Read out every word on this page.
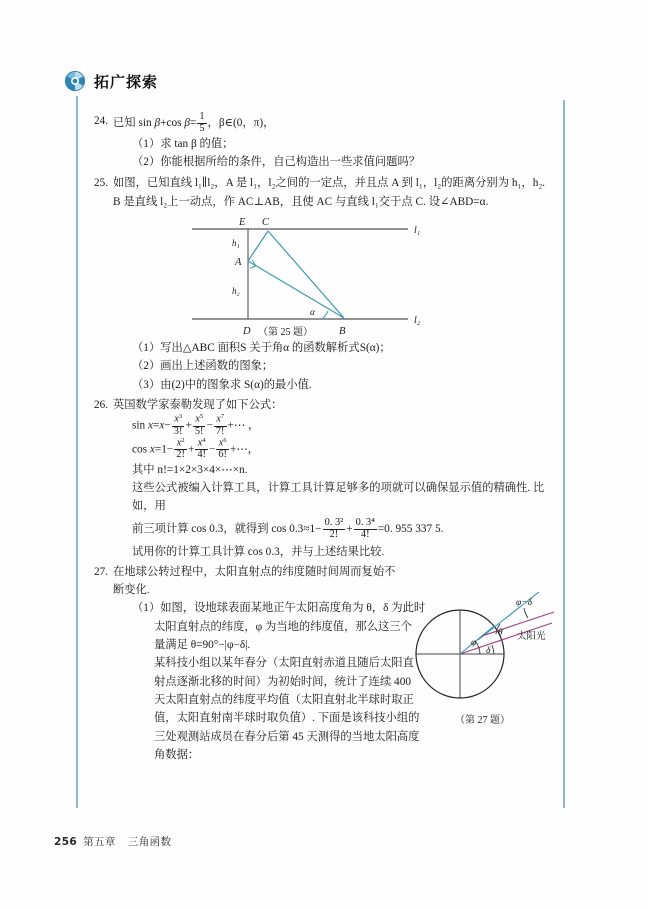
拓广探索
24. 已知 sin β+cos $\beta= \frac{1}{5}$ ，β∈(0，π)，

（1）求 tan β 的值；

（2）你能根据所给的条件，自己构造出一些求值问题吗？

25. 如图，已知直线 l₁∥l₂，A 是 l₁，l₂之间的一定点，并且点 A 到 l₁，l₂的距离分别为 h₁，h₂.

B 是直线 l₂上一动点，作 AC⊥AB，且使 AC 与直线 l₁交于点 C. 设∠ABD=α.

（1）写出△ABC 面积S 关于角α 的函数解析式S(α)；

（2）画出上述函数的图象；

（3）由(2)中的图象求 S(α)的最小值.

26. 英国数学家泰勒发现了如下公式：

$\sin x=x- \frac{x^3}{3!} + \frac{x^5}{5!} - \frac{x^7}{7!}$ +⋯ ，

$\cos x=1- \frac{x^2}{2!} + \frac{x^4}{4!} - \frac{x^6}{6!}$ +⋯，

其中 n!=1×2×3×4×⋯×n.

这些公式被编入计算工具，计算工具计算足够多的项就可以确保显示值的精确性. 比如，用

前三项计算 cos 0.3，就得到 $\cos 0.3\approx 1- \frac{\text{0. 3²}}{2!} + \frac{\text{0. 3⁴}}{4!} =0$. 955 337 5.

试用你的计算工具计算 cos 0.3，并与上述结果比较.

27. 在地球公转过程中，太阳直射点的纬度随时间周而复始不

断变化.

（1）如图，设地球表面某地正午太阳高度角为 θ，δ 为此时

太阳直射点的纬度，φ 为当地的纬度值，那么这三个

量满足 θ=90°−|φ−δ|.

某科技小组以某年春分（太阳直射赤道且随后太阳直

射点逐渐北移的时间）为初始时间，统计了连续 400

天太阳直射点的纬度平均值（太阳直射北半球时取正

值，太阳直射南半球时取负值）. 下面是该科技小组的

三处观测站成员在春分后第 45 天测得的当地太阳高度

角数据：

E C
A
D	B
h₁
h₂
α
l₁
l₂
（第 25 题）
φ−δ
θ
φ
δ
太阳光
（第 27 题）
256 第五章 三角函数
